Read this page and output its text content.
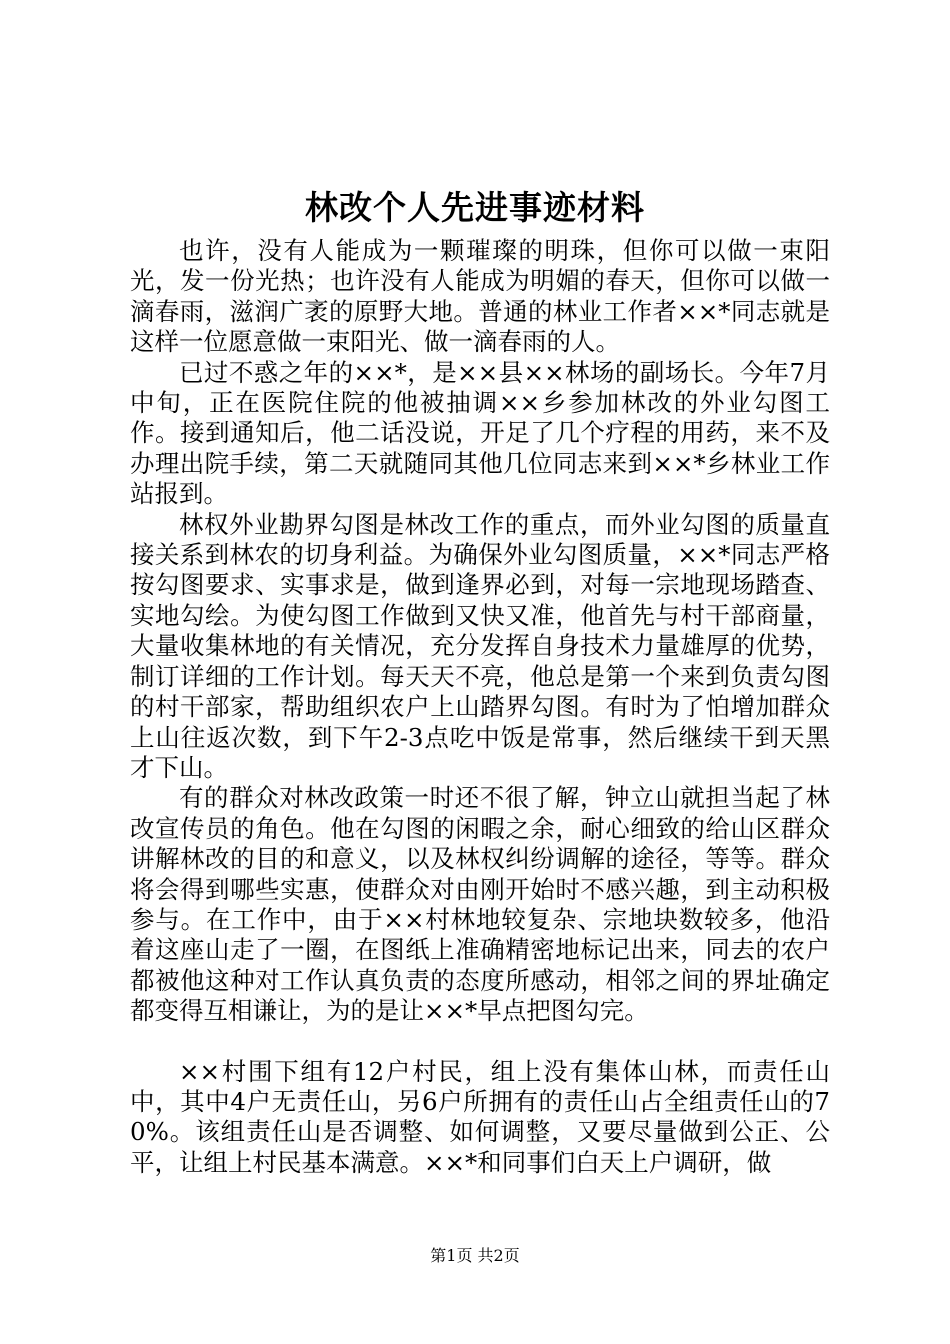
林改个人先进事迹材料

也许，没有人能成为一颗璀璨的明珠，但你可以做一束阳光，发一份光热；也许没有人能成为明媚的春天，但你可以做一滴春雨，滋润广袤的原野大地。普通的林业工作者××*同志就是这样一位愿意做一束阳光、做一滴春雨的人。

已过不惑之年的××*，是××县××林场的副场长。今年7月中旬，正在医院住院的他被抽调××乡参加林改的外业勾图工作。接到通知后，他二话没说，开足了几个疗程的用药，来不及办理出院手续，第二天就随同其他几位同志来到××*乡林业工作站报到。

林权外业勘界勾图是林改工作的重点，而外业勾图的质量直接关系到林农的切身利益。为确保外业勾图质量，××*同志严格按勾图要求、实事求是，做到逢界必到，对每一宗地现场踏查、实地勾绘。为使勾图工作做到又快又准，他首先与村干部商量，大量收集林地的有关情况，充分发挥自身技术力量雄厚的优势，制订详细的工作计划。每天天不亮，他总是第一个来到负责勾图的村干部家，帮助组织农户上山踏界勾图。有时为了怕增加群众上山往返次数，到下午2-3点吃中饭是常事，然后继续干到天黑才下山。

有的群众对林改政策一时还不很了解，钟立山就担当起了林改宣传员的角色。他在勾图的闲暇之余，耐心细致的给山区群众讲解林改的目的和意义，以及林权纠纷调解的途径，等等。群众将会得到哪些实惠，使群众对由刚开始时不感兴趣，到主动积极参与。在工作中，由于××村林地较复杂、宗地块数较多，他沿着这座山走了一圈，在图纸上准确精密地标记出来，同去的农户都被他这种对工作认真负责的态度所感动，相邻之间的界址确定都变得互相谦让，为的是让××*早点把图勾完。

××村围下组有12户村民，组上没有集体山林，而责任山中，其中4户无责任山，另6户所拥有的责任山占全组责任山的70%。该组责任山是否调整、如何调整，又要尽量做到公正、公平，让组上村民基本满意。××*和同事们白天上户调研，做

第1页 共2页
